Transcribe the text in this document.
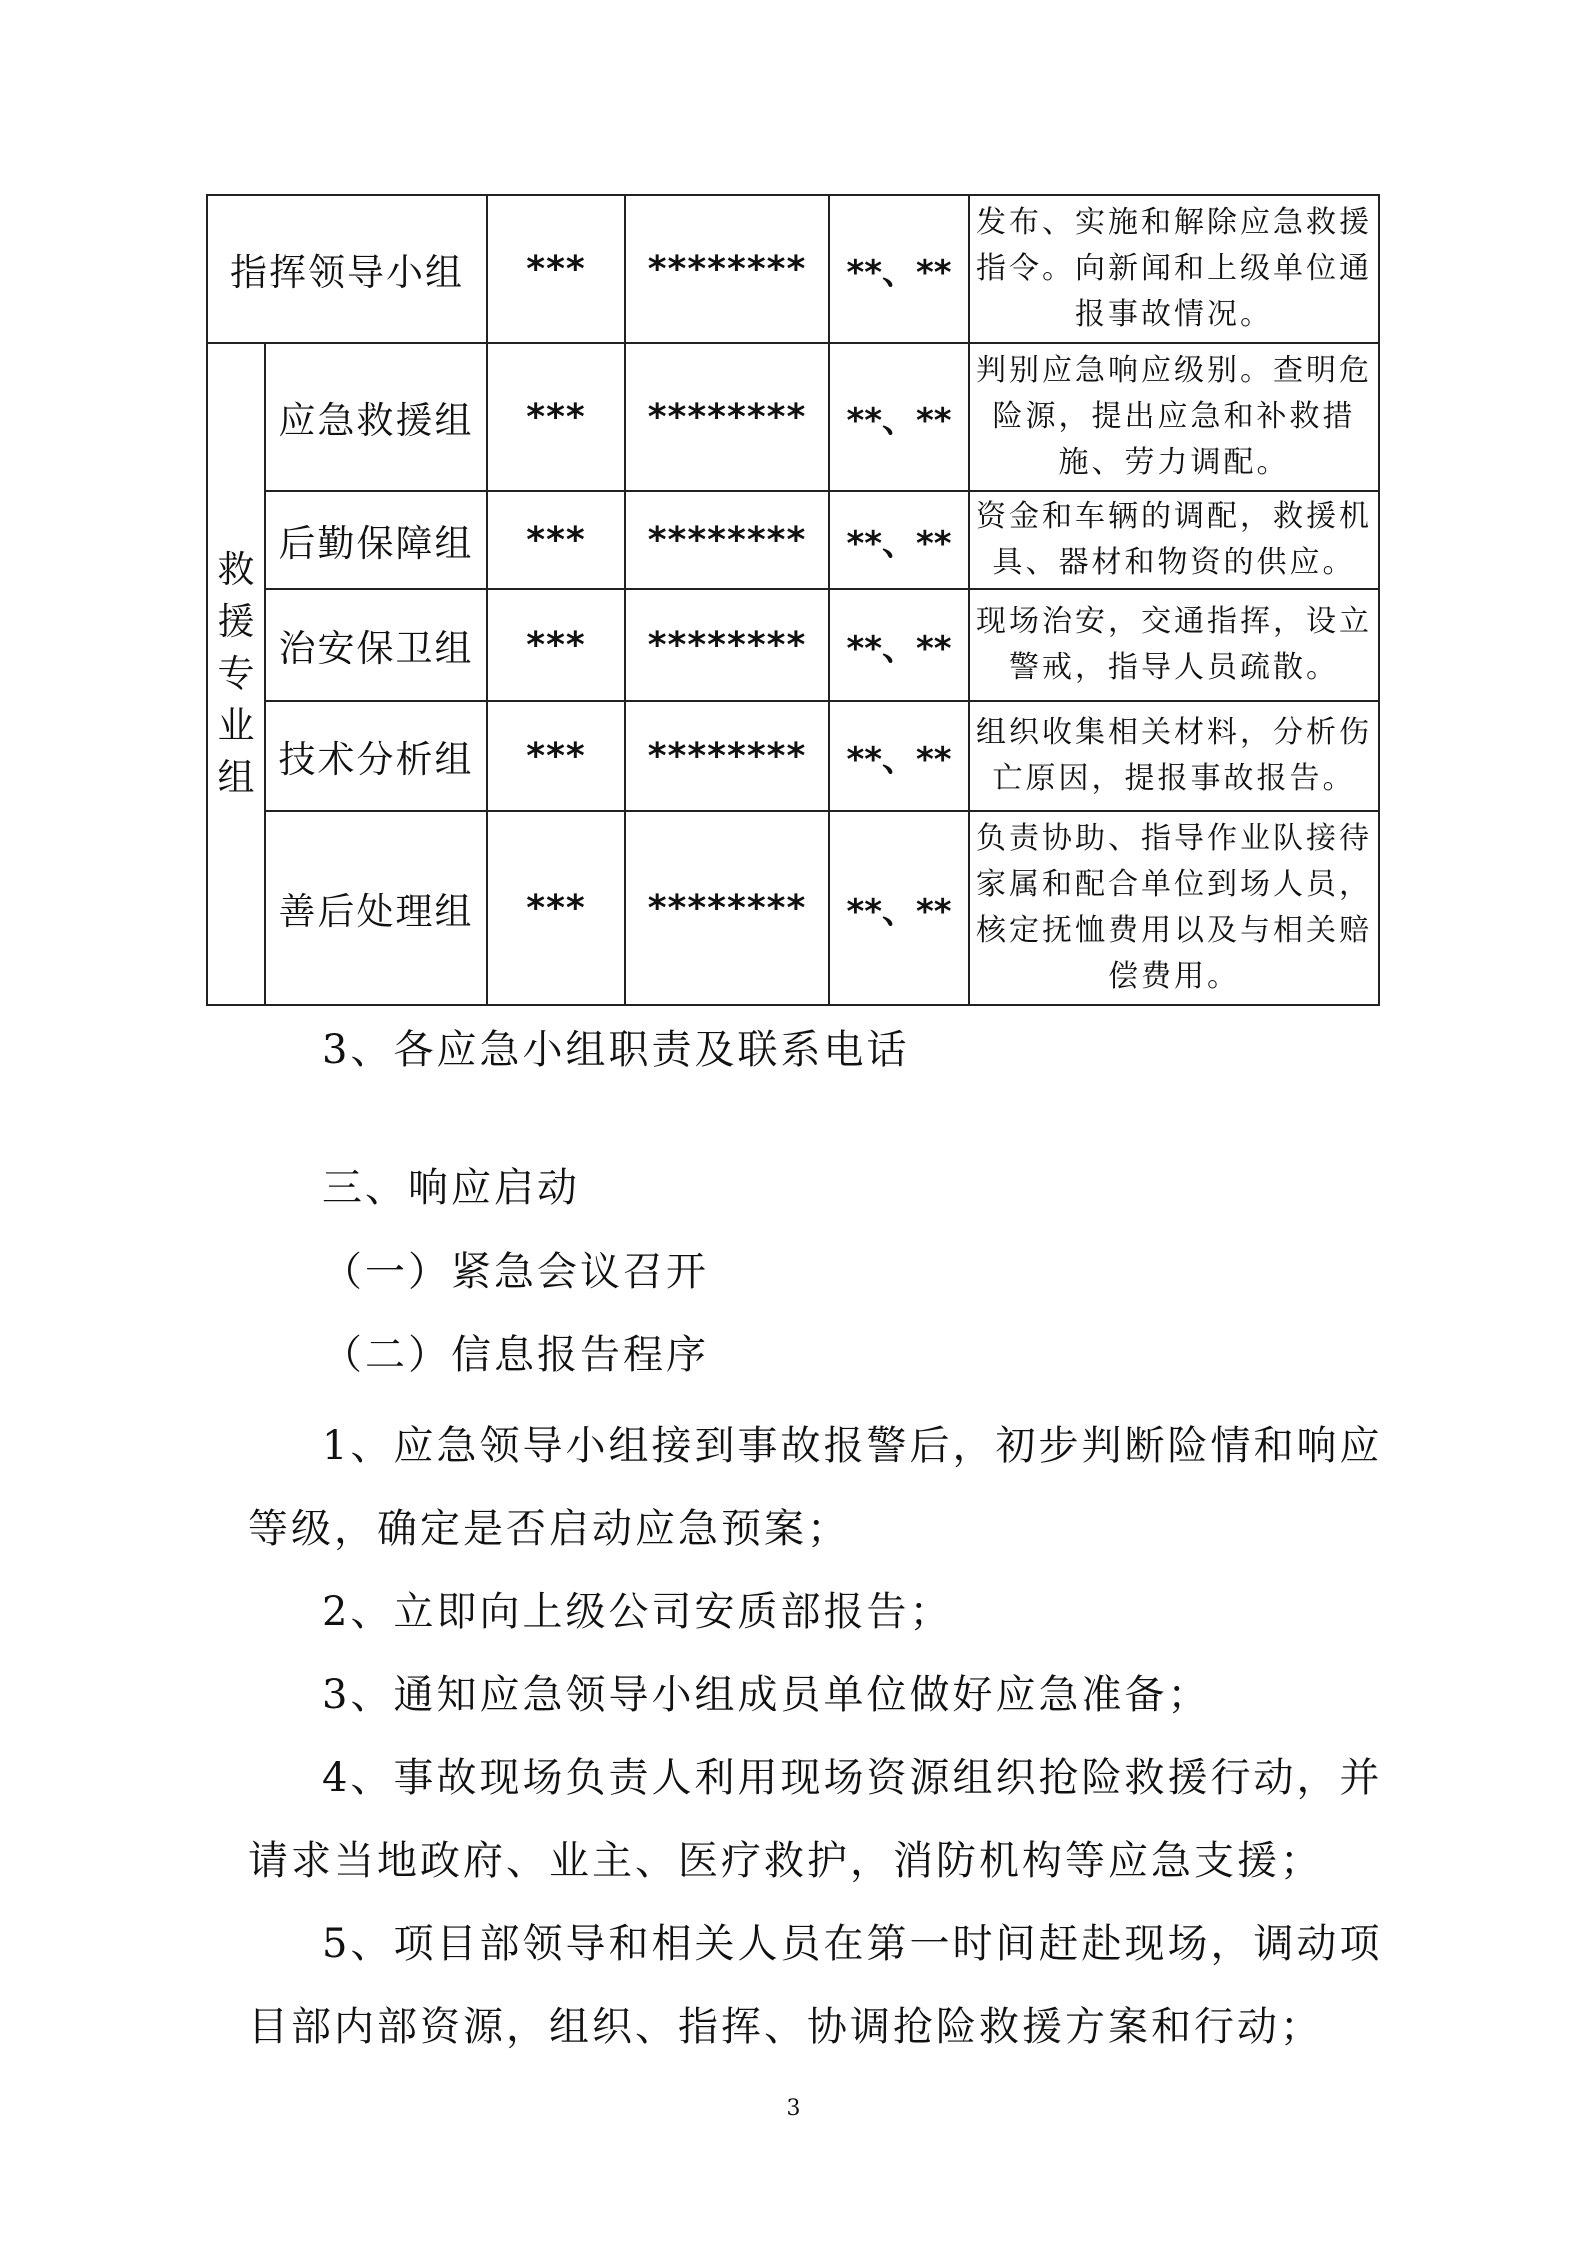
指挥领导小组		***	********	**、**	发布、实施和解除应急救援指令。向新闻和上级单位通报事故情况。

救援专业组	应急救援组	***	********	**、**	判别应急响应级别。查明危险源，提出应急和补救措施、劳力调配。
	后勤保障组	***	********	**、**	资金和车辆的调配，救援机具、器材和物资的供应。
	治安保卫组	***	********	**、**	现场治安，交通指挥，设立警戒，指导人员疏散。
	技术分析组	***	********	**、**	组织收集相关材料，分析伤亡原因，提报事故报告。
	善后处理组	***	********	**、**	负责协助、指导作业队接待家属和配合单位到场人员，核定抚恤费用以及与相关赔偿费用。
3、各应急小组职责及联系电话
三、响应启动
（一）紧急会议召开
（二）信息报告程序
1、应急领导小组接到事故报警后，初步判断险情和响应
等级，确定是否启动应急预案；
2、立即向上级公司安质部报告；
3、通知应急领导小组成员单位做好应急准备；
4、事故现场负责人利用现场资源组织抢险救援行动，并
请求当地政府、业主、医疗救护，消防机构等应急支援；
5、项目部领导和相关人员在第一时间赶赴现场，调动项
目部内部资源，组织、指挥、协调抢险救援方案和行动；
3
